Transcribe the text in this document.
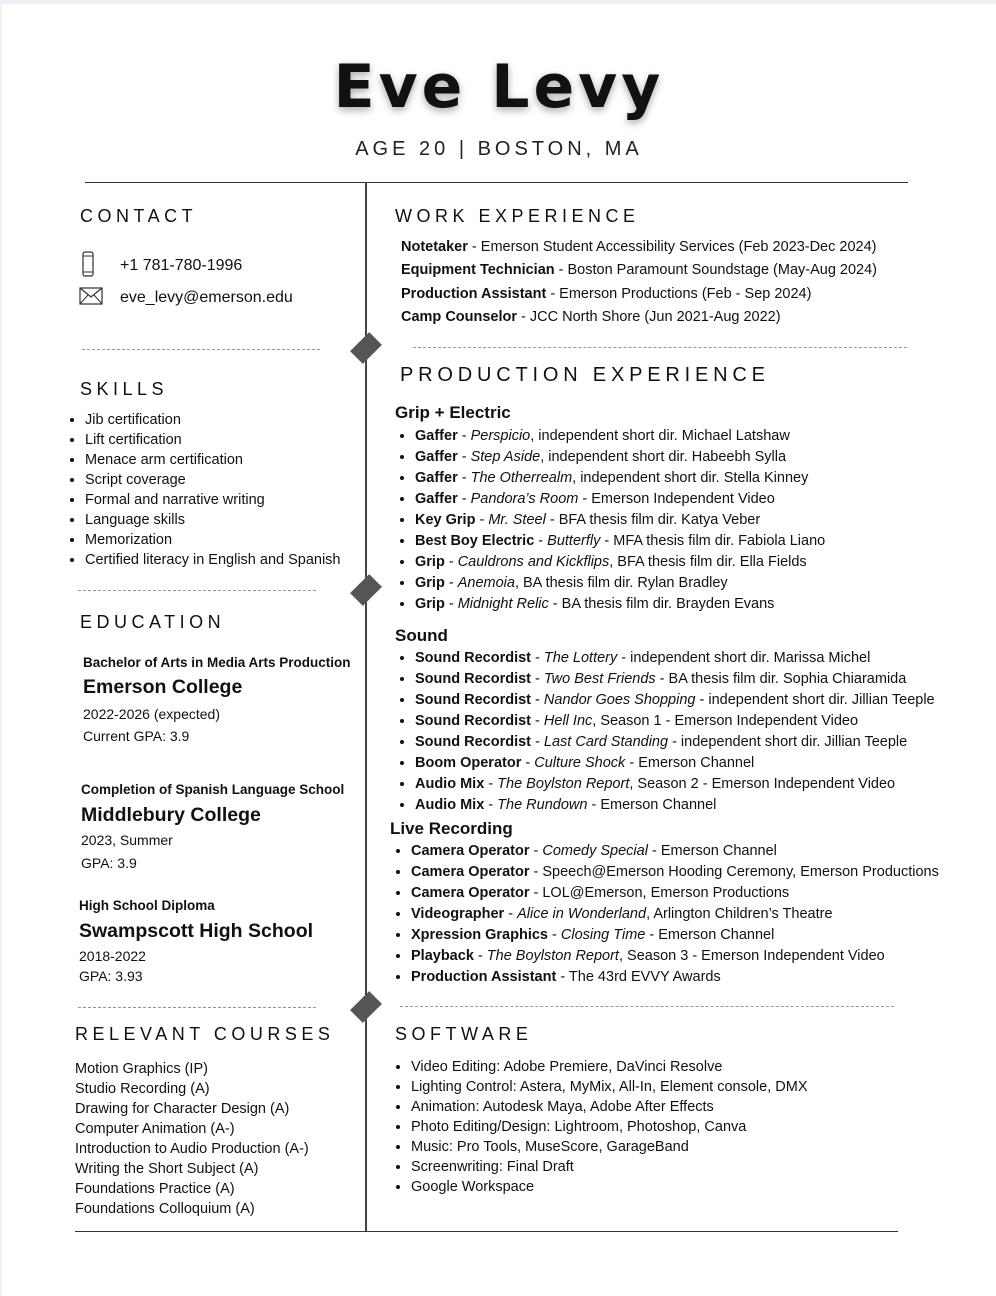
Eve Levy
AGE 20 | BOSTON, MA
CONTACT
+1 781-780-1996
eve_levy@emerson.edu
SKILLS
• Jib certification
• Lift certification
• Menace arm certification
• Script coverage
• Formal and narrative writing
• Language skills
• Memorization
• Certified literacy in English and Spanish
EDUCATION
Bachelor of Arts in Media Arts Production
Emerson College
2022-2026 (expected)
Current GPA: 3.9
Completion of Spanish Language School
Middlebury College
2023, Summer
GPA: 3.9
High School Diploma
Swampscott High School
2018-2022
GPA: 3.93
RELEVANT COURSES
Motion Graphics (IP)
Studio Recording (A)
Drawing for Character Design (A)
Computer Animation (A-)
Introduction to Audio Production (A-)
Writing the Short Subject (A)
Foundations Practice (A)
Foundations Colloquium (A)
WORK EXPERIENCE
Notetaker - Emerson Student Accessibility Services (Feb 2023-Dec 2024)
Equipment Technician - Boston Paramount Soundstage (May-Aug 2024)
Production Assistant - Emerson Productions (Feb - Sep 2024)
Camp Counselor - JCC North Shore (Jun 2021-Aug 2022)
PRODUCTION EXPERIENCE
Grip + Electric
• Gaffer - Perspicio, independent short dir. Michael Latshaw
• Gaffer - Step Aside, independent short dir. Habeebh Sylla
• Gaffer - The Otherrealm, independent short dir. Stella Kinney
• Gaffer - Pandora’s Room - Emerson Independent Video
• Key Grip - Mr. Steel - BFA thesis film dir. Katya Veber
• Best Boy Electric - Butterfly - MFA thesis film dir. Fabiola Liano
• Grip - Cauldrons and Kickflips, BFA thesis film dir. Ella Fields
• Grip - Anemoia, BA thesis film dir. Rylan Bradley
• Grip - Midnight Relic - BA thesis film dir. Brayden Evans
Sound
• Sound Recordist - The Lottery - independent short dir. Marissa Michel
• Sound Recordist - Two Best Friends - BA thesis film dir. Sophia Chiaramida
• Sound Recordist - Nandor Goes Shopping - independent short dir. Jillian Teeple
• Sound Recordist - Hell Inc, Season 1 - Emerson Independent Video
• Sound Recordist - Last Card Standing - independent short dir. Jillian Teeple
• Boom Operator - Culture Shock - Emerson Channel
• Audio Mix - The Boylston Report, Season 2 - Emerson Independent Video
• Audio Mix - The Rundown - Emerson Channel
Live Recording
• Camera Operator - Comedy Special - Emerson Channel
• Camera Operator - Speech@Emerson Hooding Ceremony, Emerson Productions
• Camera Operator - LOL@Emerson, Emerson Productions
• Videographer - Alice in Wonderland, Arlington Children’s Theatre
• Xpression Graphics - Closing Time - Emerson Channel
• Playback - The Boylston Report, Season 3 - Emerson Independent Video
• Production Assistant - The 43rd EVVY Awards
SOFTWARE
• Video Editing: Adobe Premiere, DaVinci Resolve
• Lighting Control: Astera, MyMix, All-In, Element console, DMX
• Animation: Autodesk Maya, Adobe After Effects
• Photo Editing/Design: Lightroom, Photoshop, Canva
• Music: Pro Tools, MuseScore, GarageBand
• Screenwriting: Final Draft
• Google Workspace
